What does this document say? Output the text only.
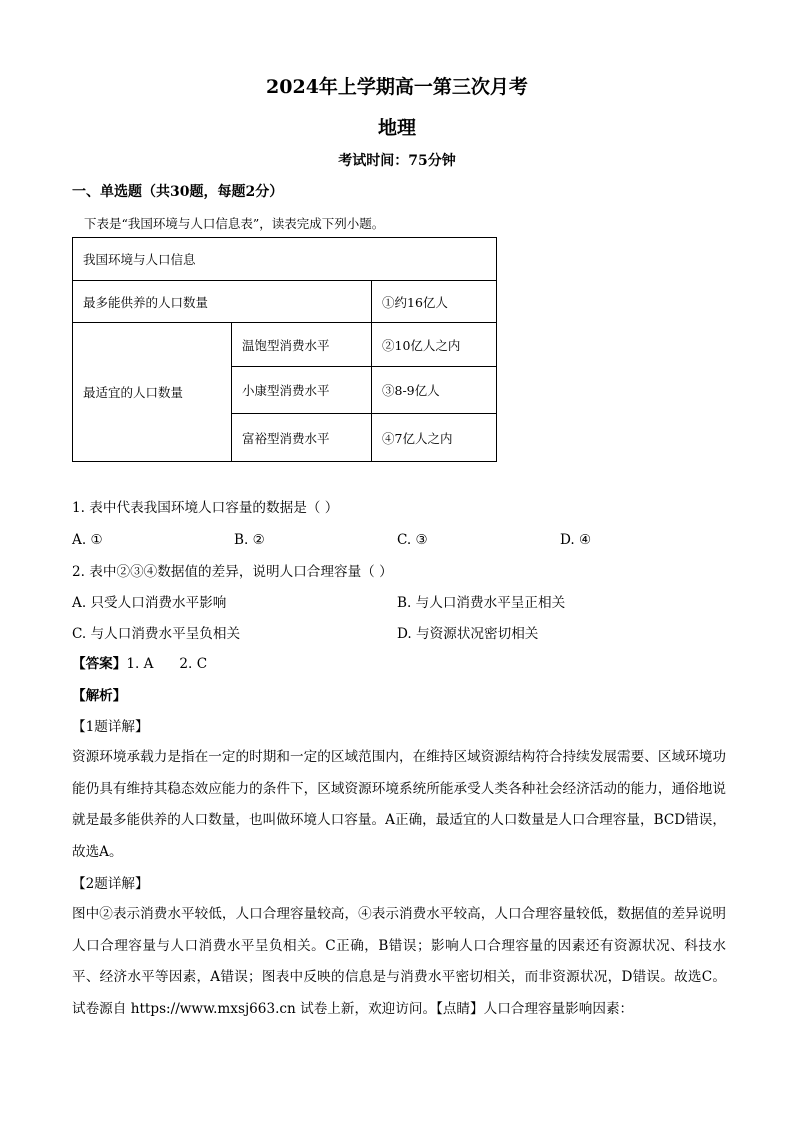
2024年上学期高一第三次月考
地理
考试时间：75分钟
一、单选题（共30题，每题2分）
下表是“我国环境与人口信息表”，读表完成下列小题。
我国环境与人口信息		
最多能供养的人口数量		①约16亿人
最适宜的人口数量	温饱型消费水平	②10亿人之内
	小康型消费水平	③8-9亿人
	富裕型消费水平	④7亿人之内
1. 表中代表我国环境人口容量的数据是（ ）
A. ①	B. ②	C. ③	D. ④
2. 表中②③④数据值的差异，说明人口合理容量（ ）
A. 只受人口消费水平影响	B. 与人口消费水平呈正相关
C. 与人口消费水平呈负相关	D. 与资源状况密切相关
【答案】1. A      2. C
【解析】
【1题详解】
资源环境承载力是指在一定的时期和一定的区域范围内，在维持区域资源结构符合持续发展需要、区域环境功能仍具有维持其稳态效应能力的条件下，区域资源环境系统所能承受人类各种社会经济活动的能力，通俗地说就是最多能供养的人口数量，也叫做环境人口容量。A正确，最适宜的人口数量是人口合理容量，BCD错误，故选A。
【2题详解】
图中②表示消费水平较低，人口合理容量较高，④表示消费水平较高，人口合理容量较低，数据值的差异说明人口合理容量与人口消费水平呈负相关。C正确，B错误；影响人口合理容量的因素还有资源状况、科技水平、经济水平等因素，A错误；图表中反映的信息是与消费水平密切相关，而非资源状况，D错误。故选C。试卷源自 https://www.mxsj663.cn 试卷上新，欢迎访问。【点睛】人口合理容量影响因素：
